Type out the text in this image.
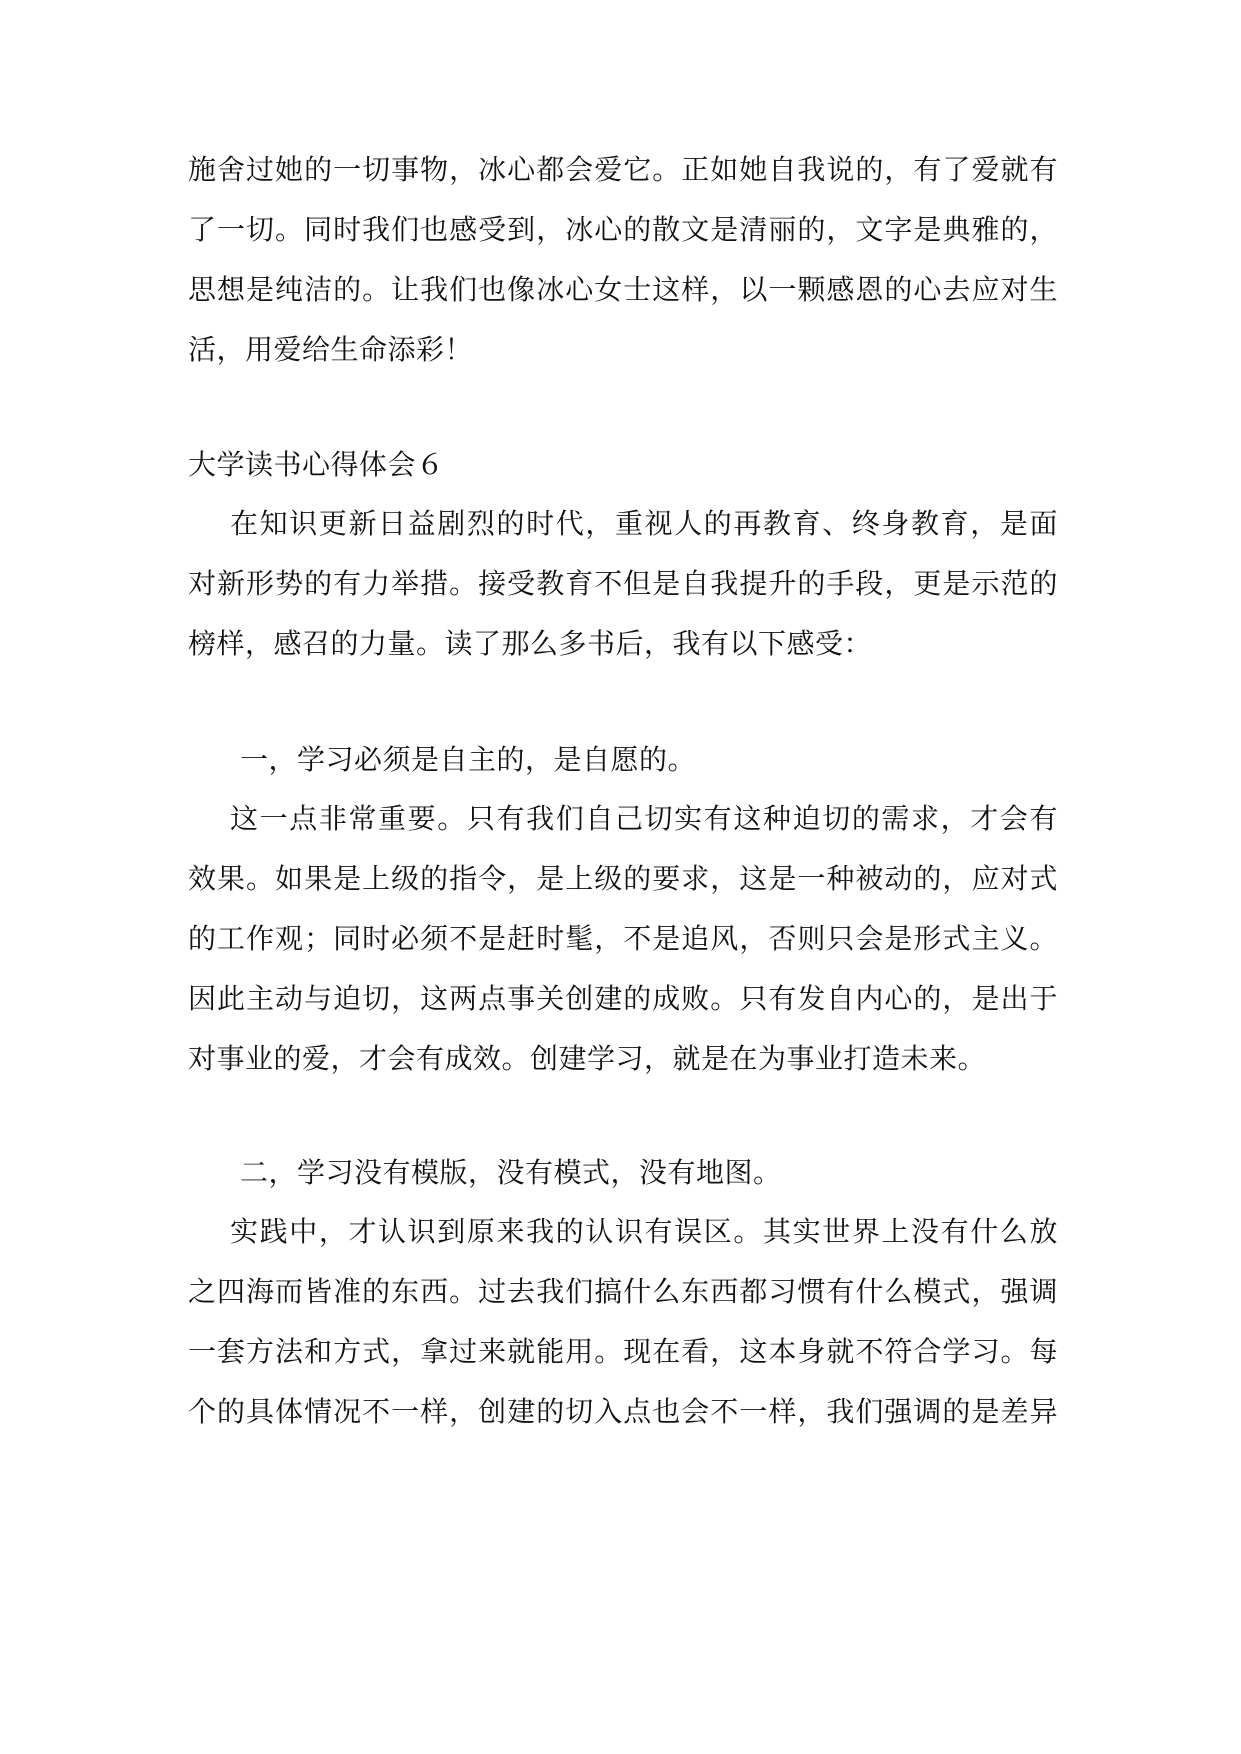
施舍过她的一切事物，冰心都会爱它。正如她自我说的，有了爱就有
了一切。同时我们也感受到，冰心的散文是清丽的，文字是典雅的，
思想是纯洁的。让我们也像冰心女士这样，以一颗感恩的心去应对生
活，用爱给生命添彩！
大学读书心得体会６
在知识更新日益剧烈的时代，重视人的再教育、终身教育，是面
对新形势的有力举措。接受教育不但是自我提升的手段，更是示范的
榜样，感召的力量。读了那么多书后，我有以下感受：
一，学习必须是自主的，是自愿的。
这一点非常重要。只有我们自己切实有这种迫切的需求，才会有
效果。如果是上级的指令，是上级的要求，这是一种被动的，应对式
的工作观；同时必须不是赶时髦，不是追风，否则只会是形式主义。
因此主动与迫切，这两点事关创建的成败。只有发自内心的，是出于
对事业的爱，才会有成效。创建学习，就是在为事业打造未来。
二，学习没有模版，没有模式，没有地图。
实践中，才认识到原来我的认识有误区。其实世界上没有什么放
之四海而皆准的东西。过去我们搞什么东西都习惯有什么模式，强调
一套方法和方式，拿过来就能用。现在看，这本身就不符合学习。每
个的具体情况不一样，创建的切入点也会不一样，我们强调的是差异
